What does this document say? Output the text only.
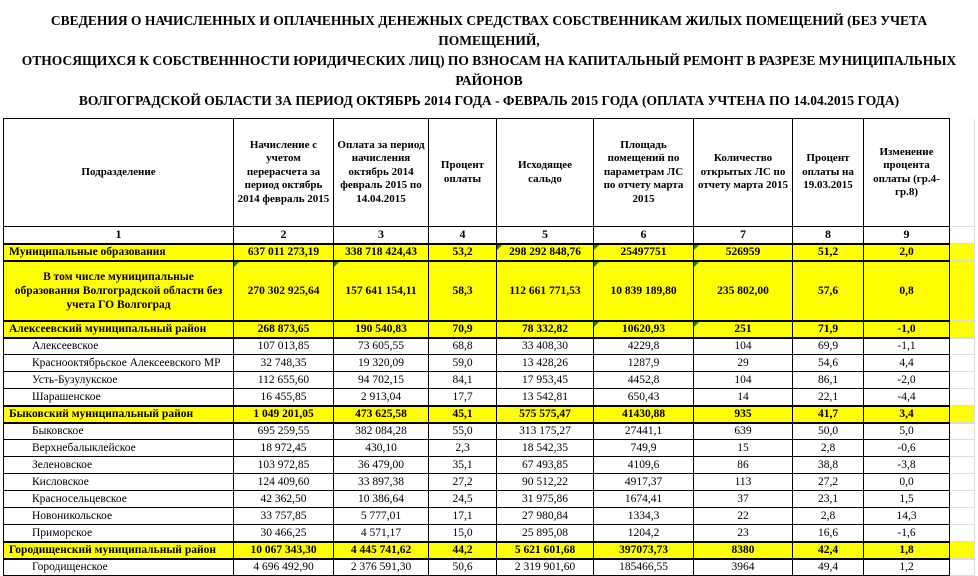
СВЕДЕНИЯ О НАЧИСЛЕННЫХ И ОПЛАЧЕННЫХ ДЕНЕЖНЫХ СРЕДСТВАХ СОБСТВЕННИКАМ ЖИЛЫХ ПОМЕЩЕНИЙ (БЕЗ УЧЕТА ПОМЕЩЕНИЙ,
ОТНОСЯЩИХСЯ К СОБСТВЕНННОСТИ ЮРИДИЧЕСКИХ ЛИЦ) ПО ВЗНОСАМ НА КАПИТАЛЬНЫЙ РЕМОНТ В РАЗРЕЗЕ МУНИЦИПАЛЬНЫХ РАЙОНОВ
ВОЛГОГРАДСКОЙ ОБЛАСТИ ЗА ПЕРИОД ОКТЯБРЬ 2014 ГОДА - ФЕВРАЛЬ 2015 ГОДА (ОПЛАТА УЧТЕНА ПО 14.04.2015 ГОДА)
Подразделение	Начисление с учетом перерасчета за период октябрь 2014 февраль 2015	Оплата за период начисления октябрь 2014 февраль 2015 по 14.04.2015	Процент оплаты	Исходящее сальдо	Площадь помещений по параметрам ЛС по отчету марта 2015	Количество открытых ЛС по отчету марта 2015	Процент оплаты на 19.03.2015	Изменение процента оплаты (гр.4-гр.8)	
1	2	3	4	5	6	7	8	9	
Муниципальные образования	637 011 273,19	338 718 424,43	53,2	298 292 848,76	25497751	526959	51,2	2,0	
В том числе муниципальные образования Волгоградской области без учета ГО Волгоград	270 302 925,64	157 641 154,11	58,3	112 661 771,53	10 839 189,80	235 802,00	57,6	0,8	
Алексеевский муниципальный район	268 873,65	190 540,83	70,9	78 332,82	10620,93	251	71,9	-1,0	
Алексеевское	107 013,85	73 605,55	68,8	33 408,30	4229,8	104	69,9	-1,1	
Краснооктябрьское Алексеевского МР	32 748,35	19 320,09	59,0	13 428,26	1287,9	29	54,6	4,4	
Усть-Бузулукское	112 655,60	94 702,15	84,1	17 953,45	4452,8	104	86,1	-2,0	
Шарашенское	16 455,85	2 913,04	17,7	13 542,81	650,43	14	22,1	-4,4	
Быковский муниципальный район	1 049 201,05	473 625,58	45,1	575 575,47	41430,88	935	41,7	3,4	
Быковское	695 259,55	382 084,28	55,0	313 175,27	27441,1	639	50,0	5,0	
Верхнебалыклейское	18 972,45	430,10	2,3	18 542,35	749,9	15	2,8	-0,6	
Зеленовское	103 972,85	36 479,00	35,1	67 493,85	4109,6	86	38,8	-3,8	
Кисловское	124 409,60	33 897,38	27,2	90 512,22	4917,37	113	27,2	0,0	
Красносельцевское	42 362,50	10 386,64	24,5	31 975,86	1674,41	37	23,1	1,5	
Новоникольское	33 757,85	5 777,01	17,1	27 980,84	1334,3	22	2,8	14,3	
Приморское	30 466,25	4 571,17	15,0	25 895,08	1204,2	23	16,6	-1,6	
Городищенский муниципальный район	10 067 343,30	4 445 741,62	44,2	5 621 601,68	397073,73	8380	42,4	1,8	
Городищенское	4 696 492,90	2 376 591,30	50,6	2 319 901,60	185466,55	3964	49,4	1,2	
